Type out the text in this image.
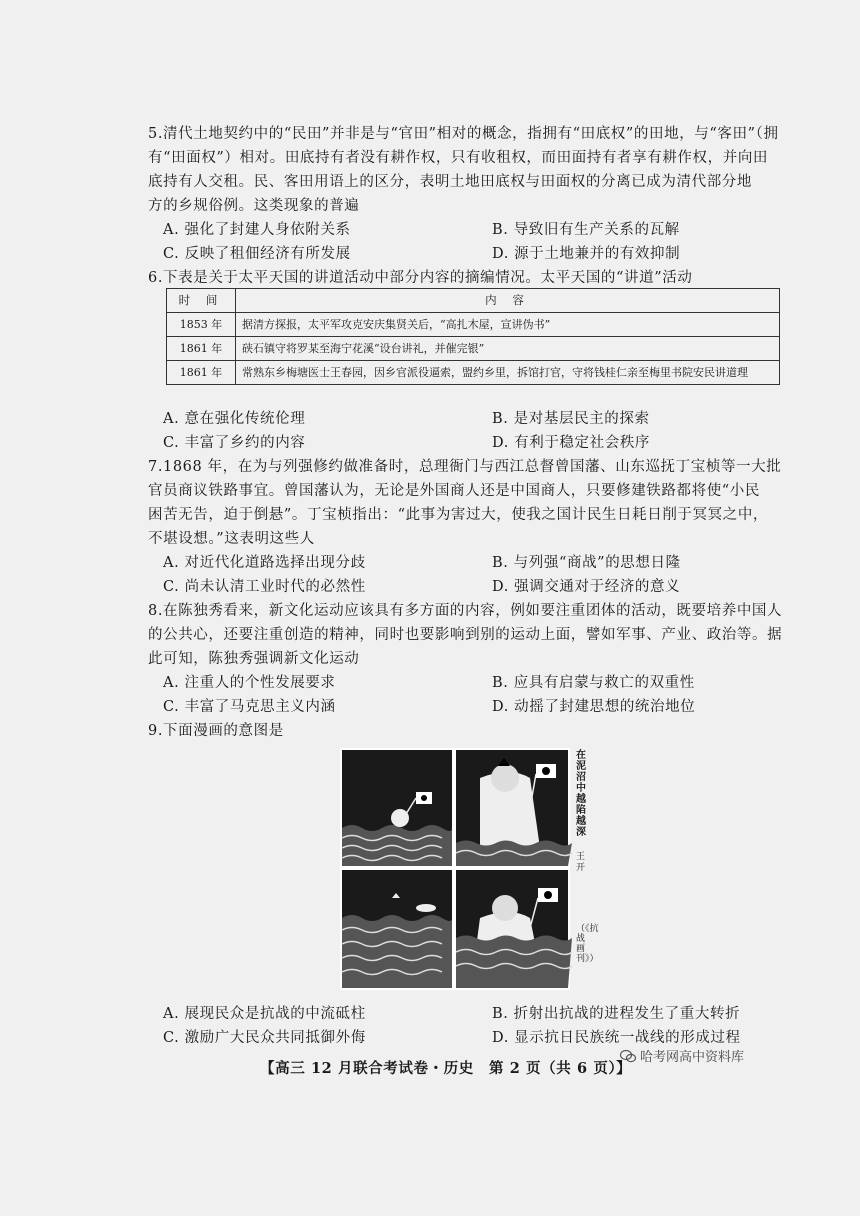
5.清代土地契约中的“民田”并非是与“官田”相对的概念，指拥有“田底权”的田地，与“客田”（拥
有“田面权”）相对。田底持有者没有耕作权，只有收租权，而田面持有者享有耕作权，并向田
底持有人交租。民、客田用语上的区分，表明土地田底权与田面权的分离已成为清代部分地
方的乡规俗例。这类现象的普遍
A. 强化了封建人身依附关系	B. 导致旧有生产关系的瓦解
C. 反映了租佃经济有所发展	D. 源于土地兼并的有效抑制
6.下表是关于太平天国的讲道活动中部分内容的摘编情况。太平天国的“讲道”活动
时 间	内 容
1853 年	据清方探报，太平军攻克安庆集贤关后，“高扎木屋，宣讲伪书”
1861 年	硖石镇守将罗某至海宁花溪“设台讲礼，并催完银”
1861 年	常熟东乡梅塘医士王春园，因乡官派役逼索，盟约乡里，拆馆打官，守将钱桂仁亲至梅里书院安民讲道理
A. 意在强化传统伦理	B. 是对基层民主的探索
C. 丰富了乡约的内容	D. 有利于稳定社会秩序
7.1868 年，在为与列强修约做准备时，总理衙门与西江总督曾国藩、山东巡抚丁宝桢等一大批
官员商议铁路事宜。曾国藩认为，无论是外国商人还是中国商人，只要修建铁路都将使“小民
困苦无告，迫于倒悬”。丁宝桢指出：“此事为害过大，使我之国计民生日耗日削于冥冥之中，
不堪设想。”这表明这些人
A. 对近代化道路选择出现分歧	B. 与列强“商战”的思想日隆
C. 尚未认清工业时代的必然性	D. 强调交通对于经济的意义
8.在陈独秀看来，新文化运动应该具有多方面的内容，例如要注重团体的活动，既要培养中国人
的公共心，还要注重创造的精神，同时也要影响到别的运动上面，譬如军事、产业、政治等。据
此可知，陈独秀强调新文化运动
A. 注重人的个性发展要求	B. 应具有启蒙与救亡的双重性
C. 丰富了马克思主义内涵	D. 动摇了封建思想的统治地位
9.下面漫画的意图是
在泥沼中越陷越深
王开
（《抗战画刊》）
A. 展现民众是抗战的中流砥柱	B. 折射出抗战的进程发生了重大转折
C. 激励广大民众共同抵御外侮	D. 显示抗日民族统一战线的形成过程
哈考网高中资料库
【高三 12 月联合考试卷・历史　第 2 页（共 6 页）】
